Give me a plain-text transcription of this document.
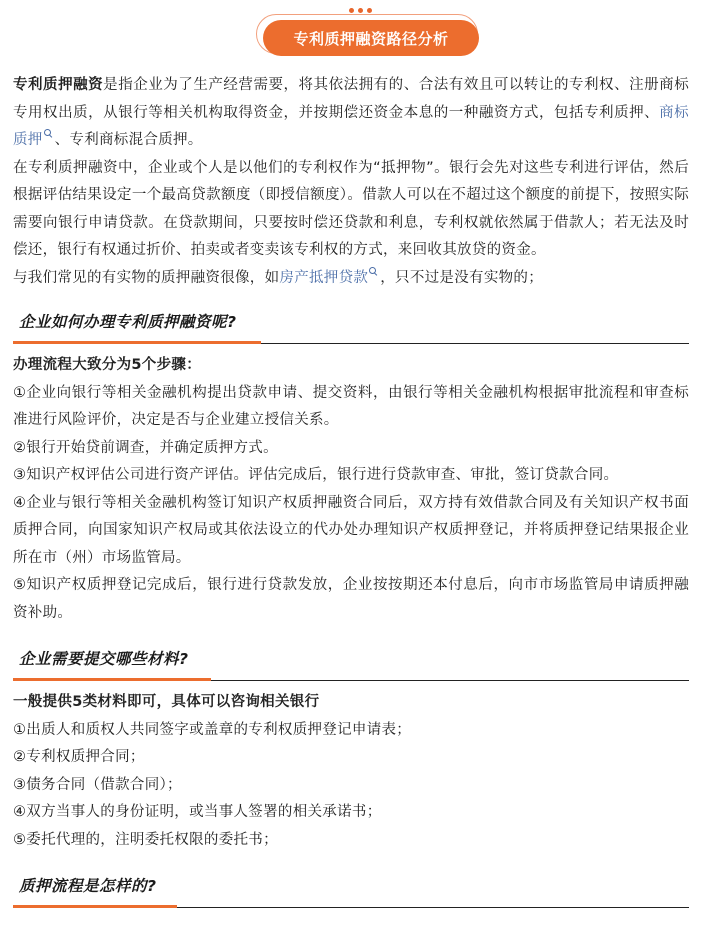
专利质押融资路径分析

专利质押融资是指企业为了生产经营需要，将其依法拥有的、合法有效且可以转让的专利权、注册商标专用权出质，从银行等相关机构取得资金，并按期偿还资金本息的一种融资方式，包括专利质押、商标质押 、专利商标混合质押。

在专利质押融资中，企业或个人是以他们的专利权作为“抵押物”。银行会先对这些专利进行评估，然后根据评估结果设定一个最高贷款额度（即授信额度）。借款人可以在不超过这个额度的前提下，按照实际需要向银行申请贷款。在贷款期间，只要按时偿还贷款和利息，专利权就依然属于借款人；若无法及时偿还，银行有权通过折价、拍卖或者变卖该专利权的方式，来回收其放贷的资金。

与我们常见的有实物的质押融资很像，如房产抵押贷款 ，只不过是没有实物的；

企业如何办理专利质押融资呢?
办理流程大致分为5个步骤：

①企业向银行等相关金融机构提出贷款申请、提交资料，由银行等相关金融机构根据审批流程和审查标准进行风险评价，决定是否与企业建立授信关系。

②银行开始贷前调查，并确定质押方式。

③知识产权评估公司进行资产评估。评估完成后，银行进行贷款审查、审批，签订贷款合同。

④企业与银行等相关金融机构签订知识产权质押融资合同后，双方持有效借款合同及有关知识产权书面质押合同，向国家知识产权局或其依法设立的代办处办理知识产权质押登记，并将质押登记结果报企业所在市（州）市场监管局。

⑤知识产权质押登记完成后，银行进行贷款发放，企业按按期还本付息后，向市市场监管局申请质押融资补助。

企业需要提交哪些材料?
一般提供5类材料即可，具体可以咨询相关银行

①出质人和质权人共同签字或盖章的专利权质押登记申请表；

②专利权质押合同；

③债务合同（借款合同）；

④双方当事人的身份证明，或当事人签署的相关承诺书；

⑤委托代理的，注明委托权限的委托书；

质押流程是怎样的?
